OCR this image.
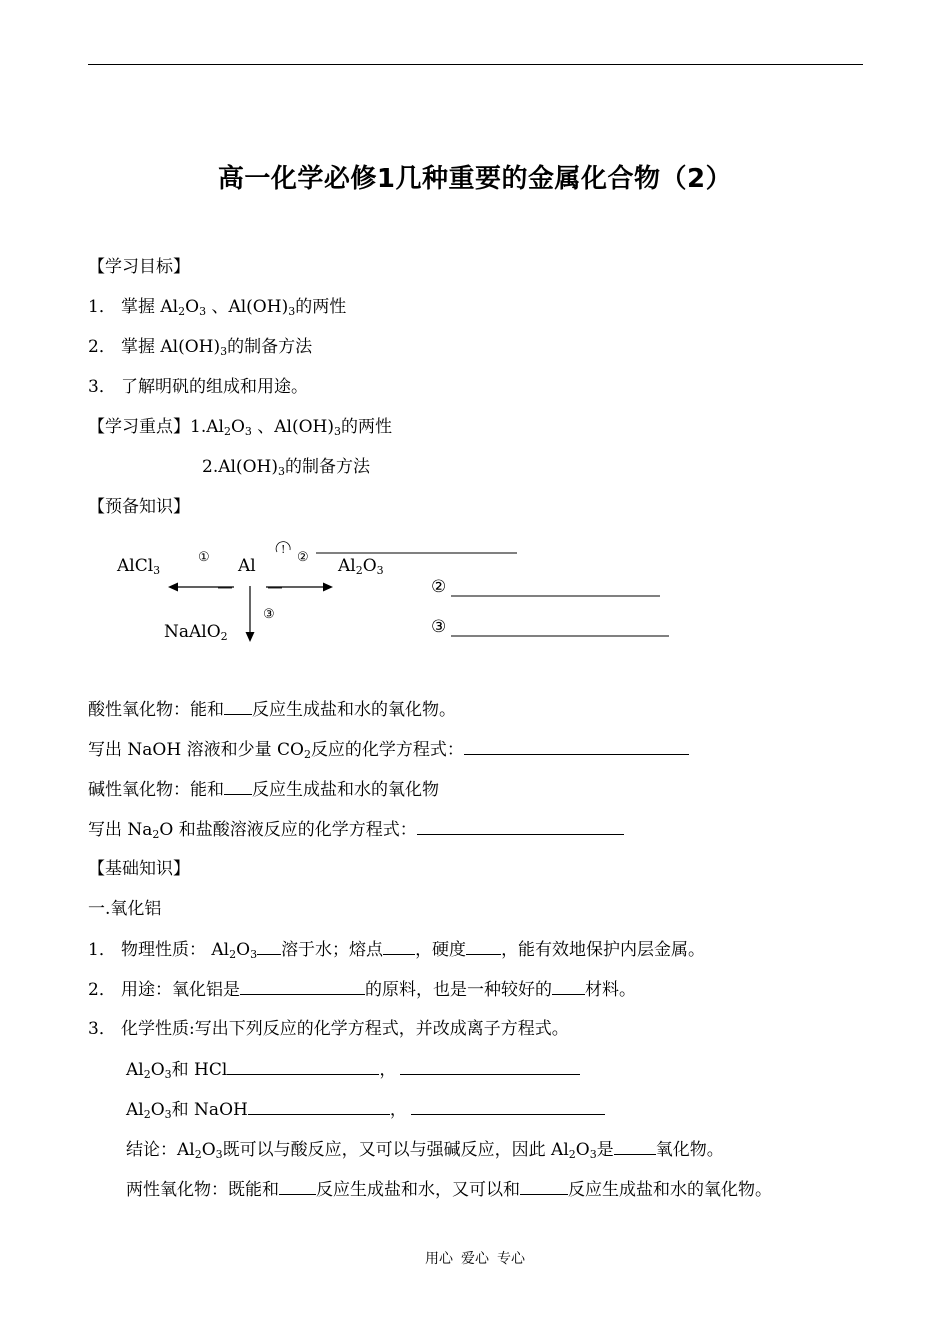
高一化学必修1几种重要的金属化合物（2）
【学习目标】
1． 掌握 $Al_2O_3$ 、$Al(OH)_3$的两性
2． 掌握 $Al(OH)_3$的制备方法
3． 了解明矾的组成和用途。
【学习重点】$1.Al_2O_3$ 、$Al(OH)_3$的两性
$2.Al(OH)_3$的制备方法
【预备知识】
AlCl$_3$	Al	$Al_2O_3$
NaAlO$_2$
①	②
③
!
②
③
酸性氧化物：能和 反应生成盐和水的氧化物。
写出 NaOH 溶液和少量 $CO_2$反应的化学方程式：
碱性氧化物：能和 反应生成盐和水的氧化物
写出 $Na_2O$ 和盐酸溶液反应的化学方程式：
【基础知识】
一.氧化铝
1． 物理性质： $Al_2O_3$ 溶于水；熔点 ，硬度 ，能有效地保护内层金属。
2． 用途：氧化铝是	的原料，也是一种较好的 材料。
3． 化学性质:写出下列反应的化学方程式，并改成离子方程式。
$Al_2O_3$和 HCl	，
$Al_2O_3$和 NaOH	，
结论：$Al_2O_3$既可以与酸反应，又可以与强碱反应，因此 $Al_2O_3$是 氧化物。
两性氧化物：既能和 反应生成盐和水，又可以和	反应生成盐和水的氧化物。
用心 爱心 专心
